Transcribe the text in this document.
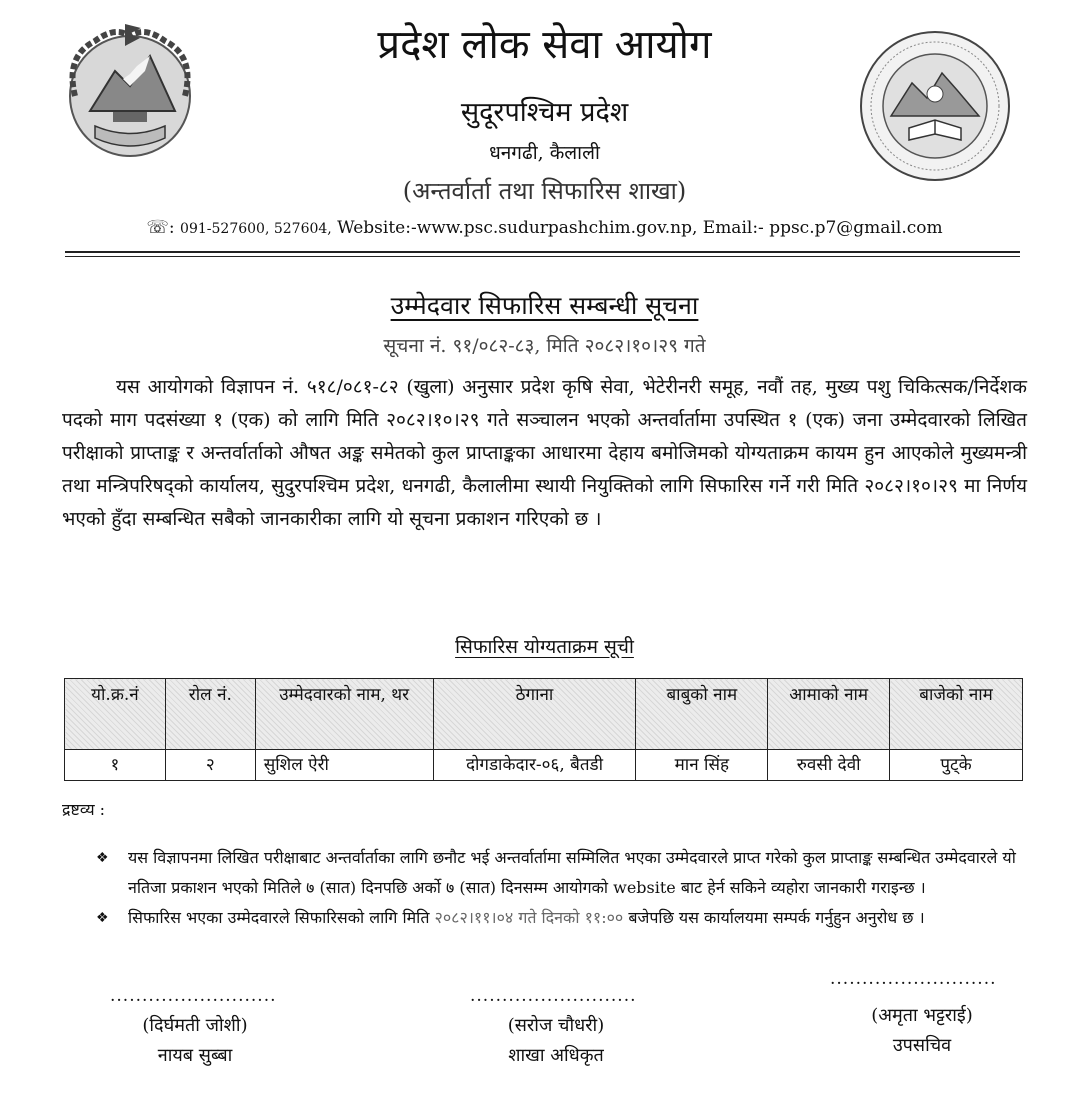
प्रदेश लोक सेवा आयोग
सुदूरपश्चिम प्रदेश
धनगढी, कैलाली
(अन्तर्वार्ता तथा सिफारिस शाखा)
☏: 091-527600, 527604, Website:-www.psc.sudurpashchim.gov.np, Email:- ppsc.p7@gmail.com
उम्मेदवार सिफारिस सम्बन्धी सूचना
सूचना नं. ९१/०८२-८३, मिति २०८२।१०।२९ गते
यस आयोगको विज्ञापन नं. ५१८/०८१-८२ (खुला) अनुसार प्रदेश कृषि सेवा, भेटेरीनरी समूह, नवौं तह, मुख्य पशु चिकित्सक/निर्देशक पदको माग पदसंख्या १ (एक) को लागि मिति २०८२।१०।२९ गते सञ्चालन भएको अन्तर्वार्तामा उपस्थित १ (एक) जना उम्मेदवारको लिखित परीक्षाको प्राप्ताङ्क र अन्तर्वार्ताको औषत अङ्क समेतको कुल प्राप्ताङ्कका आधारमा देहाय बमोजिमको योग्यताक्रम कायम हुन आएकोले मुख्यमन्त्री तथा मन्त्रिपरिषद्को कार्यालय, सुदुरपश्चिम प्रदेश, धनगढी, कैलालीमा स्थायी नियुक्तिको लागि सिफारिस गर्ने गरी मिति २०८२।१०।२९ मा निर्णय भएको हुँदा सम्बन्धित सबैको जानकारीका लागि यो सूचना प्रकाशन गरिएको छ ।
सिफारिस योग्यताक्रम सूची
यो.क्र.नं	रोल नं.	उम्मेदवारको नाम, थर	ठेगाना	बाबुको नाम	आमाको नाम	बाजेको नाम
१	२	सुशिल ऐरी	दोगडाकेदार-०६, बैतडी	मान सिंह	रुवसी देवी	पुट्के
द्रष्टव्य :
❖ यस विज्ञापनमा लिखित परीक्षाबाट अन्तर्वार्ताका लागि छनौट भई अन्तर्वार्तामा सम्मिलित भएका उम्मेदवारले प्राप्त गरेको कुल प्राप्ताङ्क सम्बन्धित उम्मेदवारले यो नतिजा प्रकाशन भएको मितिले ७ (सात) दिनपछि अर्को ७ (सात) दिनसम्म आयोगको website बाट हेर्न सकिने व्यहोरा जानकारी गराइन्छ ।
❖ सिफारिस भएका उम्मेदवारले सिफारिसको लागि मिति २०८२।११।०४ गते दिनको ११:०० बजेपछि यस कार्यालयमा सम्पर्क गर्नुहुन अनुरोध छ ।
..........................
(दिर्घमती जोशी)
नायब सुब्बा
..........................
(सरोज चौधरी)
शाखा अधिकृत
..........................
(अमृता भट्टराई)
उपसचिव
